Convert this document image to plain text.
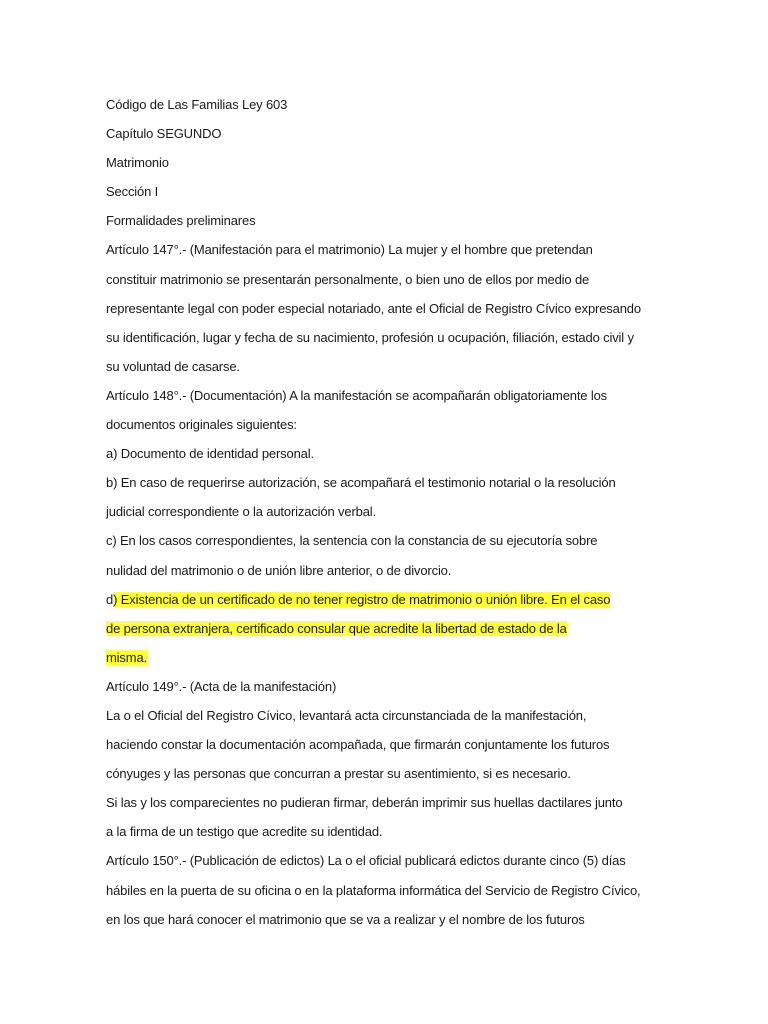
Código de Las Familias Ley 603
Capítulo SEGUNDO
Matrimonio
Sección I
Formalidades preliminares
Artículo 147°.- (Manifestación para el matrimonio) La mujer y el hombre que pretendan
constituir matrimonio se presentarán personalmente, o bien uno de ellos por medio de
representante legal con poder especial notariado, ante el Oficial de Registro Cívico expresando
su identificación, lugar y fecha de su nacimiento, profesión u ocupación, filiación, estado civil y
su voluntad de casarse.
Artículo 148°.- (Documentación) A la manifestación se acompañarán obligatoriamente los
documentos originales siguientes:
a) Documento de identidad personal.
b) En caso de requerirse autorización, se acompañará el testimonio notarial o la resolución
judicial correspondiente o la autorización verbal.
c) En los casos correspondientes, la sentencia con la constancia de su ejecutoría sobre
nulidad del matrimonio o de unión libre anterior, o de divorcio.
d) Existencia de un certificado de no tener registro de matrimonio o unión libre. En el caso
de persona extranjera, certificado consular que acredite la libertad de estado de la
misma.
Artículo 149°.- (Acta de la manifestación)
La o el Oficial del Registro Cívico, levantará acta circunstanciada de la manifestación,
haciendo constar la documentación acompañada, que firmarán conjuntamente los futuros
cónyuges y las personas que concurran a prestar su asentimiento, si es necesario.
Si las y los comparecientes no pudieran firmar, deberán imprimir sus huellas dactilares junto
a la firma de un testigo que acredite su identidad.
Artículo 150°.- (Publicación de edictos) La o el oficial publicará edictos durante cinco (5) días
hábiles en la puerta de su oficina o en la plataforma informática del Servicio de Registro Cívico,
en los que hará conocer el matrimonio que se va a realizar y el nombre de los futuros
